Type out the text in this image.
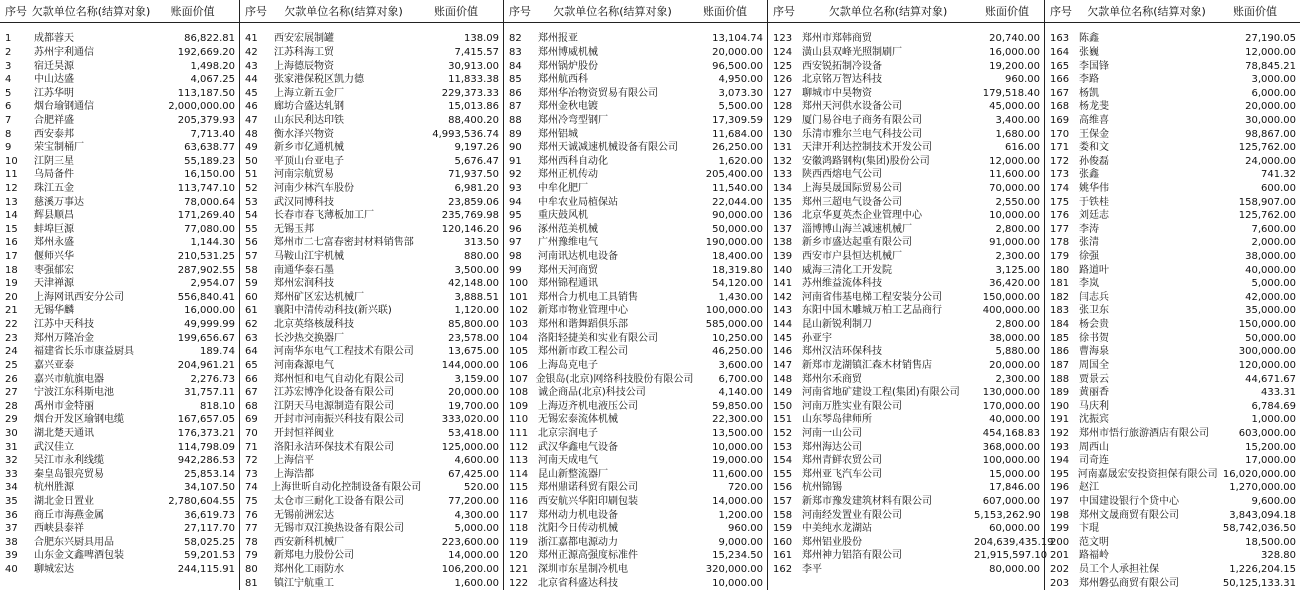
序号 欠款单位名称(结算对象)	账面价值
1	成都蓉天	86,822.81
2	苏州宇利通信	192,669.20
3	宿迁昊源	1,498.20
4	中山达盛	4,067.25
5	江苏华明	113,187.50
6	烟台瑜钢通信	2,000,000.00
7	合肥祥盛	205,379.93
8	西安泰邦	7,713.40
9	荣宝制桶厂	63,638.77
10	江阴三星	55,189.23
11	乌局备件	16,150.00
12	珠江五金	113,747.10
13	慈溪万事达	78,000.64
14	辉县顺昌	171,269.40
15	蚌埠巨源	77,080.00
16	郑州永盛	1,144.30
17	偃师兴华	210,531.25
18	枣强郁宏	287,902.55
19	天津禅源	2,954.07
20	上海网讯西安分公司	556,840.41
21	无锡华麟	16,000.00
22	江苏中天科技	49,999.99
23	郑州万隆冶金	199,656.67
24	福建省长乐市康益厨具	189.74
25	嘉兴亚泰	204,961.21
26	嘉兴市航旗电器	2,276.73
27	宁波江东科斯电池	31,757.11
28	禹州市金特丽	818.10
29	烟台开发区瑜钢电缆	167,657.05
30	湖北楚天通讯	176,373.21
31	武汉佳立	114,798.09
32	吴江市永利线缆	942,286.53
33	秦皇岛银亮贸易	25,853.14
34	杭州胜源	34,107.50
35	湖北金日置业	2,780,604.55
36	商丘市海燕金属	36,619.73
37	西峡县泰祥	27,117.70
38	合肥东兴厨具用品	58,025.25
39	山东金文鑫啤酒包装	59,201.53
40	聊城宏达	244,115.91
序号	欠款单位名称(结算对象)	账面价值
41	西安宏展制罐	138.09
42	江苏科海工贸	7,415.57
43	上海德辰物资	30,913.00
44	张家港保税区凯力德	11,833.38
45	上海立新五金厂	229,373.33
46	廊坊合盛达轧钢	15,013.86
47	山东民利达印铁	88,400.20
48	衡水泽兴物资	4,993,536.74
49	新乡市亿通机械	9,197.26
50	平顶山台亚电子	5,676.47
51	河南宗航贸易	71,937.50
52	河南少林汽车股份	6,981.20
53	武汉同博科技	23,859.06
54	长春市春飞薄板加工厂	235,769.98
55	无锡玉邦	120,146.20
56	郑州市二七富春密封材料销售部	313.50
57	马鞍山江宇机械	880.00
58	南通华泰石墨	3,500.00
59	郑州宏润科技	42,148.00
60	郑州矿区宏达机械厂	3,888.51
61	襄阳中清传动科技(新兴联)	1,120.00
62	北京英络核晟科技	85,800.00
63	长沙热交换器厂	23,578.00
64	河南华东电气工程技术有限公司	13,675.00
65	河南森源电气	144,000.00
66	郑州恒和电气自动化有限公司	3,159.00
67	江苏宏博净化设备有限公司	20,000.00
68	江阴天马电源制造有限公司	19,700.00
69	开封市河南振兴科技有限公司	333,020.00
70	开封恒祥阀业	53,418.00
71	洛阳永洁环保技术有限公司	125,000.00
72	上海信平	4,600.00
73	上海浩都	67,425.00
74	上海世昕自动化控制设备有限公司	520.00
75	太仓市三耐化工设备有限公司	77,200.00
76	无锡前洲宏达	4,300.00
77	无锡市双江换热设备有限公司	5,000.00
78	西安新科机械厂	223,600.00
79	新郑电力股份公司	14,000.00
80	郑州化工雨防水	106,200.00
81	镇江宁航重工	1,600.00
序号	欠款单位名称(结算对象)	账面价值
82	郑州报亚	13,104.74
83	郑州博威机械	20,000.00
84	郑州锅炉股份	96,500.00
85	郑州航西科	4,950.00
86	郑州华冶物资贸易有限公司	3,073.30
87	郑州金秋电镀	5,500.00
88	郑州冷弯型钢厂	17,309.59
89	郑州铝城	11,684.00
90	郑州天诚减速机械设备有限公司	26,250.00
91	郑州西科自动化	1,620.00
92	郑州正机传动	205,400.00
93	中牟化肥厂	11,540.00
94	中牟农业局植保站	22,044.00
95	重庆鼓风机	90,000.00
96	涿州范美机械	50,000.00
97	广州豫维电气	190,000.00
98	河南讯达机电设备	18,400.00
99	郑州天河商贸	18,319.80
100 郑州锦程通讯	54,120.00
101 郑州合力机电工具销售	1,430.00
102 新郑市物业管理中心	100,000.00
103 郑州和谐舞蹈俱乐部	585,000.00
104 洛阳轻捷美和实业有限公司	10,250.00
105 郑州新市政工程公司	46,250.00
106 上海岛克电子	3,600.00
107 金银岛(北京)网络科技股份有限公司	6,700.00
108 诚企商品(北京)科技公司	4,140.00
109 上海迈齐机电液压公司	59,850.00
110 无锡宏泰流体机械	22,300.00
111 北京宗润电子	13,500.00
112 武汉华鑫电气设备	10,000.00
113 河南天成电气	19,000.00
114 昆山新整流器厂	11,600.00
115 郑州鼎诺科贸有限公司	720.00
116 西安航兴华阳印刷包装	14,000.00
117 郑州动力机电设备	1,200.00
118 沈阳今日传动机械	960.00
119 浙江嘉都电源动力	9,000.00
120 郑州正源高强度标准件	15,234.50
121 深圳市东星制冷机电	320,000.00
122 北京省科盛达科技	10,000.00
序号	欠款单位名称(结算对象)	账面价值
123 郑州市郑韩商贸	20,740.00
124 潢山县双峰光照制刷厂	16,000.00
125 西安锐拓制冷设备	19,200.00
126 北京铭万智达科技	960.00
127 聊城市中昊物资	179,518.40
128 郑州天河供水设备公司	45,000.00
129 厦门易谷电子商务有限公司	3,400.00
130 乐清市雅尔兰电气科技公司	1,680.00
131 天津开利达控制技术开发公司	616.00
132 安徽鸿路钢构(集团)股份公司	12,000.00
133 陕西西熔电气公司	11,600.00
134 上海昊晟国际贸易公司	70,000.00
135 郑州三超电气设备公司	2,550.00
136 北京华夏英杰企业管理中心	10,000.00
137 淄博博山海兰减速机械厂	2,800.00
138 新乡市盛达起重有限公司	91,000.00
139 西安市户县恒达机械厂	2,300.00
140 威海三清化工开发院	3,125.00
141 苏州维益流体科技	36,420.00
142 河南省伟基电梯工程安装分公司	150,000.00
143 东阳中国木雕城万柏工艺品商行	400,000.00
144 昆山新锐利制刀	2,800.00
145 孙亚宇	38,000.00
146 郑州汉洁环保科技	5,880.00
147 新郑市龙湖镇汇森木材销售店	20,000.00
148 郑州尔禾商贸	2,300.00
149 河南省地矿建设工程(集团)有限公司	130,000.00
150 河南万胜实业有限公司	170,000.00
151 山东琴岛律师所	40,000.00
152 河南一山公司	454,168.83
153 郑州海达公司	368,000.00
154 郑州青鲜农贸公司	100,000.00
155 郑州亚飞汽车公司	15,000.00
156 杭州锦锡	17,846.00
157 新郑市豫发建筑材料有限公司	607,000.00
158 河南经发置业有限公司	5,153,262.90
159 中美纯水龙湖站	60,000.00
160 郑州铝业股份	204,639,435.19
161 郑州神力铝箔有限公司	21,915,597.10
162 李平	80,000.00
序号	欠款单位名称(结算对象)	账面价值
163 陈鑫	27,190.05
164 张巍	12,000.00
165 李国锋	78,845.21
166 李路	3,000.00
167 杨凯	6,000.00
168 杨龙斐	20,000.00
169 高维喜	30,000.00
170 王保金	98,867.00
171 娄和文	125,762.00
172 孙俊磊	24,000.00
173 张鑫	741.32
174 姚华伟	600.00
175 于铁桂	158,907.00
176 刘廷志	125,762.00
177 李涛	7,600.00
178 张清	2,000.00
179 徐强	38,000.00
180 路道叶	40,000.00
181 李岚	5,000.00
182 闫志兵	42,000.00
183 张卫东	35,000.00
184 杨会贵	150,000.00
185 徐书贺	50,000.00
186 曹海泉	300,000.00
187 周国全	120,000.00
188 贾景云	44,671.67
189 黄丽香	433.31
190 马庆利	6,784.69
191 沈振宾	1,000.00
192 郑州市悟行旅游酒店有限公司	603,000.00
193 周西山	15,200.00
194 司奇连	17,000.00
195 河南嘉晟宏安投资担保有限公司 16,020,000.00
196 赵江	1,270,000.00
197 中国建设银行个贷中心	9,600.00
198 郑州文晟商贸有限公司	3,843,094.18
199 卞琨	58,742,036.50
200 范文明	18,500.00
201 路福岭	328.80
202 员工个人承担社保	1,226,204.15
203 郑州磐弘商贸有限公司	50,125,133.31
